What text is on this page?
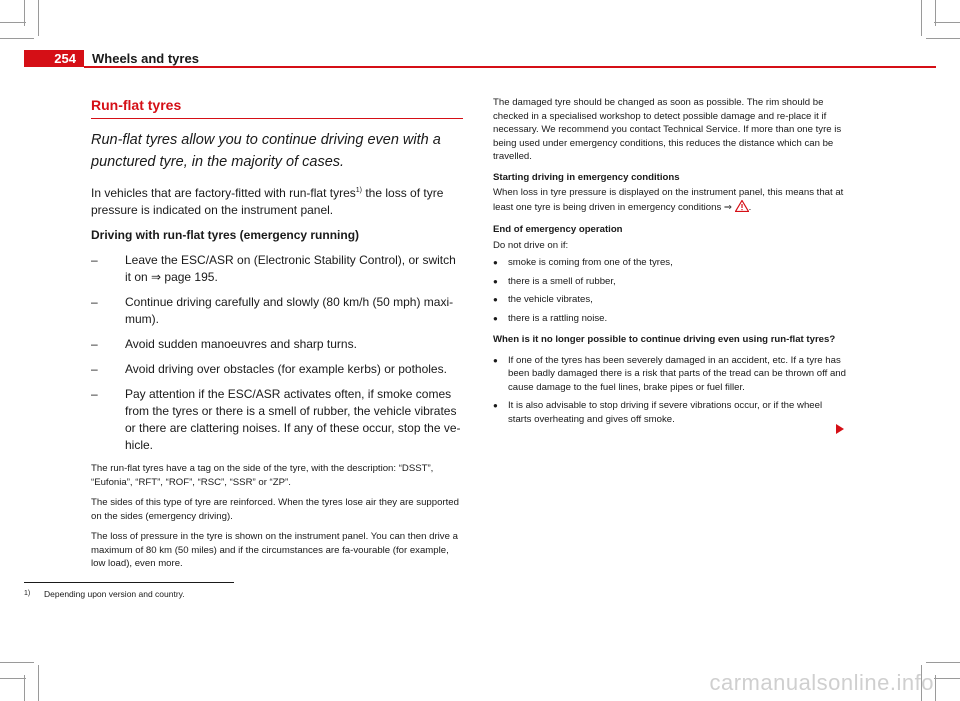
254	Wheels and tyres
Run-flat tyres

Run-flat tyres allow you to continue driving even with a punctured tyre, in the majority of cases.

In vehicles that are factory-fitted with run-flat tyres$^{1)}$ the loss of tyre pressure is indicated on the instrument panel.

Driving with run-flat tyres (emergency running)

– Leave the ESC/ASR on (Electronic Stability Control), or switch it on ⇒ page 195.
– Continue driving carefully and slowly (80 km/h (50 mph) maxi-mum).
– Avoid sudden manoeuvres and sharp turns.
– Avoid driving over obstacles (for example kerbs) or potholes.
– Pay attention if the ESC/ASR activates often, if smoke comes from the tyres or there is a smell of rubber, the vehicle vibrates or there are clattering noises. If any of these occur, stop the ve-hicle.

The run-flat tyres have a tag on the side of the tyre, with the description: “DSST”, “Eufonia”, “RFT”, “ROF”, “RSC”, “SSR” or “ZP”.

The sides of this type of tyre are reinforced. When the tyres lose air they are supported on the sides (emergency driving).

The loss of pressure in the tyre is shown on the instrument panel. You can then drive a maximum of 80 km (50 miles) and if the circumstances are fa-vourable (for example, low load), even more.

The damaged tyre should be changed as soon as possible. The rim should be checked in a specialised workshop to detect possible damage and re-place it if necessary. We recommend you contact Technical Service. If more than one tyre is being used under emergency conditions, this reduces the distance which can be travelled.

Starting driving in emergency conditions

When loss in tyre pressure is displayed on the instrument panel, this means that at least one tyre is being driven in emergency conditions ⇒ .

End of emergency operation

Do not drive on if:

● smoke is coming from one of the tyres,
● there is a smell of rubber,
● the vehicle vibrates,
● there is a rattling noise.

When is it no longer possible to continue driving even using run-flat tyres?

● If one of the tyres has been severely damaged in an accident, etc. If a tyre has been badly damaged there is a risk that parts of the tread can be thrown off and cause damage to the fuel lines, brake pipes or fuel filler.
● It is also advisable to stop driving if severe vibrations occur, or if the wheel starts overheating and gives off smoke.
1) Depending upon version and country.
carmanualsonline.info
